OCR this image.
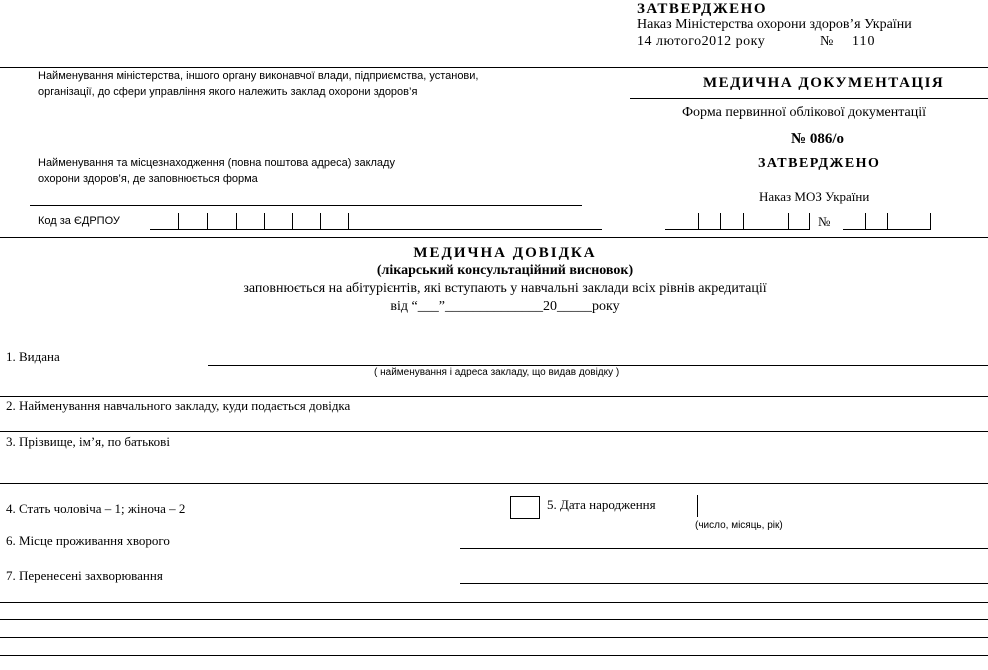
ЗАТВЕРДЖЕНО
Наказ Міністерства охорони здоров’я України
14 лютого2012 року	№ 110
Найменування міністерства, іншого органу виконавчої влади, підприємства, установи,
організації, до сфери управління якого належить заклад охорони здоров’я
Найменування та місцезнаходження (повна поштова адреса) закладу
охорони здоров’я, де заповнюється форма
Код за ЄДРПОУ
МЕДИЧНА ДОКУМЕНТАЦІЯ
Форма первинної облікової документації
№ 086/о
ЗАТВЕРДЖЕНО
Наказ МОЗ України
№
МЕДИЧНА ДОВІДКА
(лікарський консультаційний висновок)
заповнюється на абітурієнтів, які вступають у навчальні заклади всіх рівнів акредитації
від “___”______________20_____року
1. Видана
( найменування і адреса закладу, що видав довідку )
2. Найменування навчального закладу, куди подається довідка
3. Прізвище, ім’я, по батькові
4. Стать чоловіча – 1; жіноча – 2	5. Дата народження
(число, місяць, рік)
6. Місце проживання хворого
7. Перенесені захворювання
